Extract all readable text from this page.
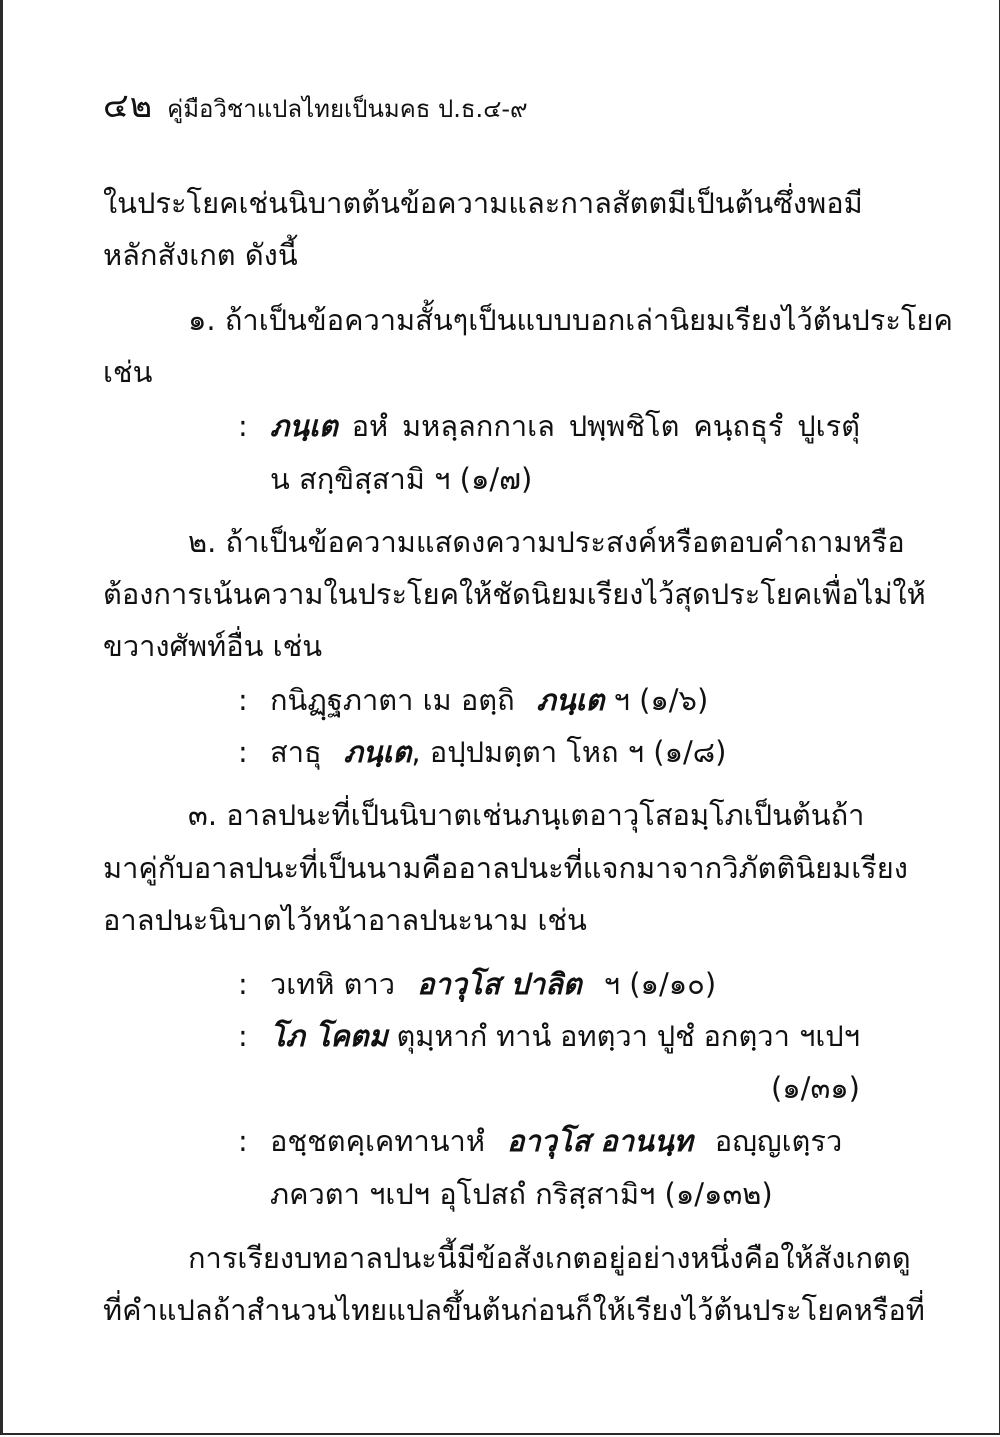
๔๒ คู่มือวิชาแปลไทยเป็นมคธ ป.ธ.๔-๙
ในประโยค เช่น นิบาตต้นข้อความ และกาลสัตตมี เป็นต้น ซึ่งพอมี
หลักสังเกต ดังนี้
๑. ถ้าเป็นข้อความสั้นๆ เป็นแบบบอกเล่า นิยมเรียงไว้ต้นประโยค
เช่น
: ภนฺเต อหํ มหลฺลกกาเล ปพฺพชิโต คนฺถธุรํ ปูเรตุํ
น สกฺขิสฺสามิ ฯ (๑/๗)
๒. ถ้าเป็นข้อความแสดงความประสงค์ หรือตอบคำถาม หรือ
ต้องการเน้นความในประโยคให้ชัด นิยมเรียงไว้สุดประโยค เพื่อไม่ให้
ขวางศัพท์อื่น เช่น
: กนิฏฺฐภาตา เม อตฺถิ ภนฺเต ฯ (๑/๖)
: สาธุ ภนฺเต, อปฺปมตฺตา โหถ ฯ (๑/๘)
๓. อาลปนะที่เป็นนิบาต เช่น ภนฺเต อาวุโส อมฺโภ เป็นต้น ถ้า
มาคู่กับอาลปนะที่เป็นนาม คืออาลปนะที่แจกมาจากวิภัตติ นิยมเรียง
อาลปนะนิบาตไว้หน้าอาลปนะนาม เช่น
: วเทหิ ตาว อาวุโส ปาลิต ฯ (๑/๑๐)
: โภ โคตม ตุมฺหากํ ทานํ อทตฺวา ปูชํ อกตฺวา ฯเปฯ
(๑/๓๑)
: อชฺชตคฺเคทานาหํ อาวุโส อานนฺท อญฺญเตฺรว
ภควตา ฯเปฯ อุโปสถํ กริสฺสามิฯ (๑/๑๓๒)
การเรียงบทอาลปนะนี้มีข้อสังเกตอยู่อย่างหนึ่ง คือให้สังเกตดู
ที่คำแปล ถ้าสำนวนไทยแปลขึ้นต้นก่อน ก็ให้เรียงไว้ต้นประโยค หรือที่
